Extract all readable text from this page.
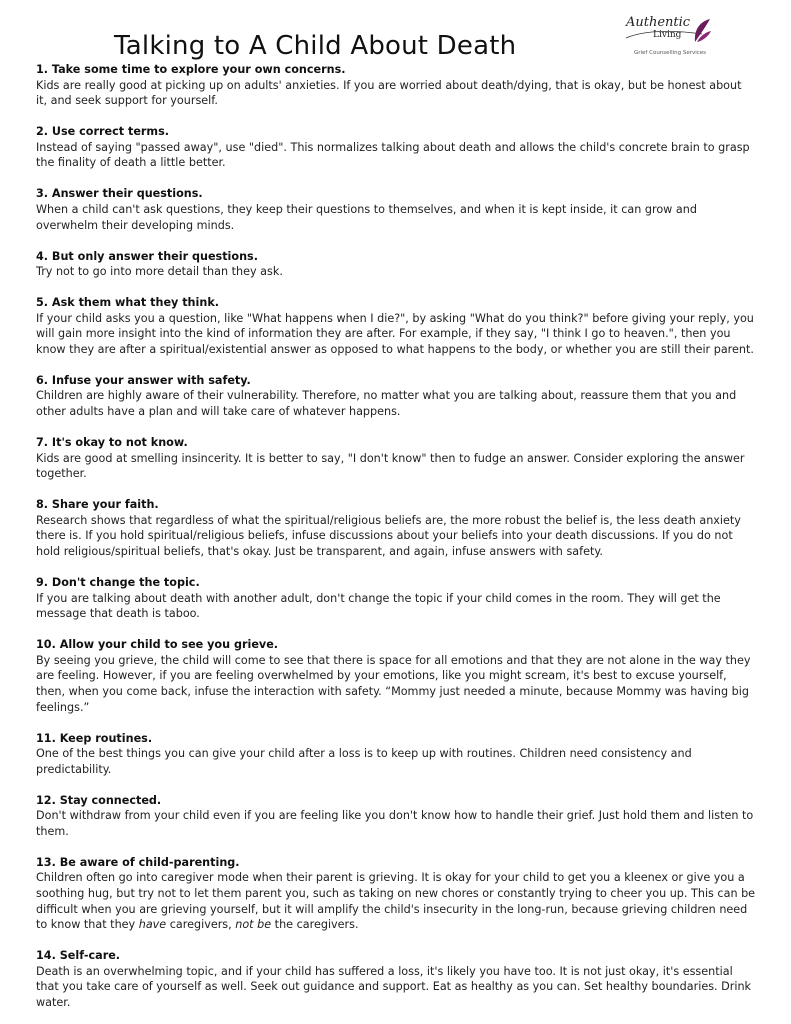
Talking to A Child About Death
Authentic
Living
Grief Counselling Services
1. Take some time to explore your own concerns.

Kids are really good at picking up on adults' anxieties. If you are worried about death/dying, that is okay, but be honest about it, and seek support for yourself.

2. Use correct terms.

Instead of saying "passed away", use "died". This normalizes talking about death and allows the child's concrete brain to grasp the finality of death a little better.

3. Answer their questions.

When a child can't ask questions, they keep their questions to themselves, and when it is kept inside, it can grow and overwhelm their developing minds.

4. But only answer their questions.

Try not to go into more detail than they ask.

5. Ask them what they think.

If your child asks you a question, like "What happens when I die?", by asking "What do you think?" before giving your reply, you will gain more insight into the kind of information they are after. For example, if they say, "I think I go to heaven.", then you know they are after a spiritual/existential answer as opposed to what happens to the body, or whether you are still their parent.

6. Infuse your answer with safety.

Children are highly aware of their vulnerability. Therefore, no matter what you are talking about, reassure them that you and other adults have a plan and will take care of whatever happens.

7. It's okay to not know.

Kids are good at smelling insincerity. It is better to say, "I don't know" then to fudge an answer. Consider exploring the answer together.

8. Share your faith.

Research shows that regardless of what the spiritual/religious beliefs are, the more robust the belief is, the less death anxiety there is. If you hold spiritual/religious beliefs, infuse discussions about your beliefs into your death discussions. If you do not hold religious/spiritual beliefs, that's okay. Just be transparent, and again, infuse answers with safety.

9. Don't change the topic.

If you are talking about death with another adult, don't change the topic if your child comes in the room. They will get the message that death is taboo.

10. Allow your child to see you grieve.

By seeing you grieve, the child will come to see that there is space for all emotions and that they are not alone in the way they are feeling. However, if you are feeling overwhelmed by your emotions, like you might scream, it's best to excuse yourself, then, when you come back, infuse the interaction with safety. “Mommy just needed a minute, because Mommy was having big feelings.”

11. Keep routines.

One of the best things you can give your child after a loss is to keep up with routines. Children need consistency and predictability.

12. Stay connected.

Don't withdraw from your child even if you are feeling like you don't know how to handle their grief. Just hold them and listen to them.

13. Be aware of child-parenting.

Children often go into caregiver mode when their parent is grieving. It is okay for your child to get you a kleenex or give you a soothing hug, but try not to let them parent you, such as taking on new chores or constantly trying to cheer you up. This can be difficult when you are grieving yourself, but it will amplify the child's insecurity in the long-run, because grieving children need to know that they have caregivers, not be the caregivers.

14. Self-care.

Death is an overwhelming topic, and if your child has suffered a loss, it's likely you have too. It is not just okay, it's essential that you take care of yourself as well. Seek out guidance and support. Eat as healthy as you can. Set healthy boundaries. Drink water.
